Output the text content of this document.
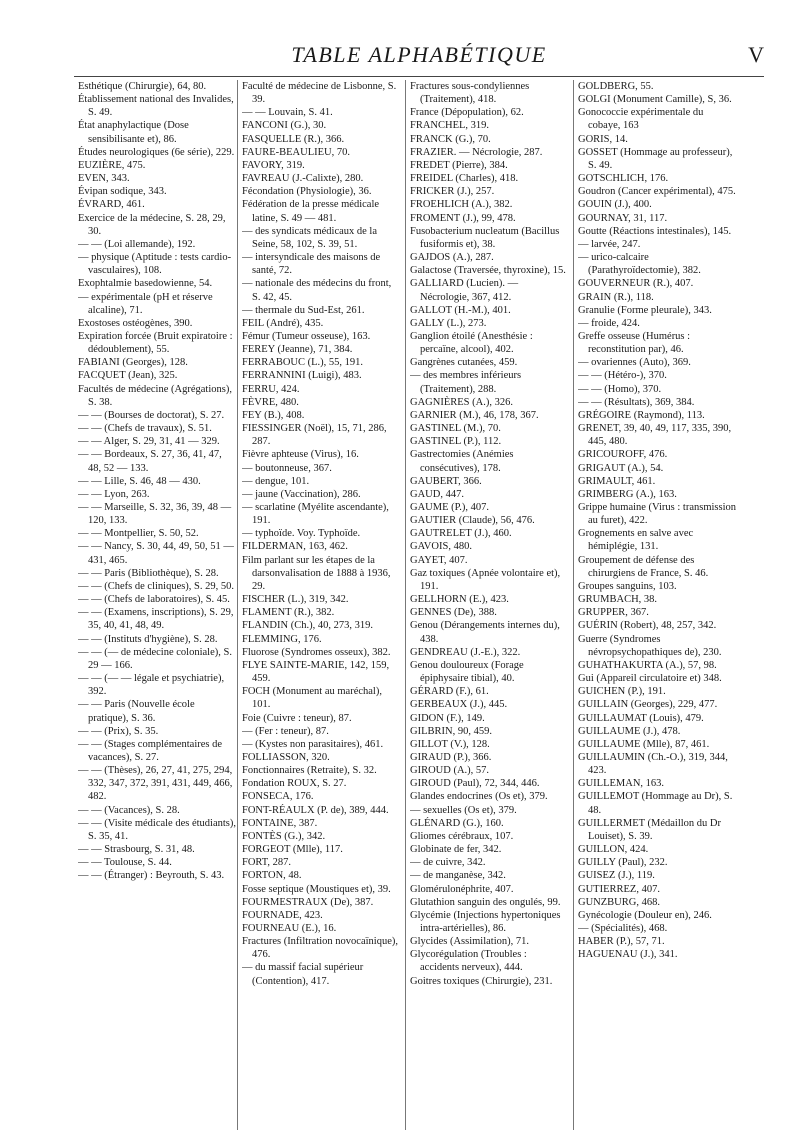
TABLE ALPHABÉTIQUE	V
Esthétique (Chirurgie), 64, 80.
Établissement national des Invalides, S. 49.
État anaphylactique (Dose sensibilisante et), 86.
Études neurologiques (6e série), 229.
EUZIÈRE, 475.
EVEN, 343.
Évipan sodique, 343.
ÉVRARD, 461.
Exercice de la médecine, S. 28, 29, 30.
— — (Loi allemande), 192.
— physique (Aptitude : tests cardio-vasculaires), 108.
Exophtalmie basedowienne, 54.
— expérimentale (pH et réserve alcaline), 71.
Exostoses ostéogènes, 390.
Expiration forcée (Bruit expiratoire : dédoublement), 55.
FABIANI (Georges), 128.
FACQUET (Jean), 325.
Facultés de médecine (Agrégations), S. 38.
— — (Bourses de doctorat), S. 27.
— — (Chefs de travaux), S. 51.
— — Alger, S. 29, 31, 41 — 329.
— — Bordeaux, S. 27, 36, 41, 47, 48, 52 — 133.
— — Lille, S. 46, 48 — 430.
— — Lyon, 263.
— — Marseille, S. 32, 36, 39, 48 — 120, 133.
— — Montpellier, S. 50, 52.
— — Nancy, S. 30, 44, 49, 50, 51 — 431, 465.
— — Paris (Bibliothèque), S. 28.
— — (Chefs de cliniques), S. 29, 50.
— — (Chefs de laboratoires), S. 45.
— — (Examens, inscriptions), S. 29, 35, 40, 41, 48, 49.
— — (Instituts d'hygiène), S. 28.
— — (— de médecine coloniale), S. 29 — 166.
— — (— — légale et psychiatrie), 392.
— — Paris (Nouvelle école pratique), S. 36.
— — (Prix), S. 35.
— — (Stages complémentaires de vacances), S. 27.
— — (Thèses), 26, 27, 41, 275, 294, 332, 347, 372, 391, 431, 449, 466, 482.
— — (Vacances), S. 28.
— — (Visite médicale des étudiants), S. 35, 41.
— — Strasbourg, S. 31, 48.
— — Toulouse, S. 44.
— — (Étranger) : Beyrouth, S. 43.
Faculté de médecine de Lisbonne, S. 39.
— — Louvain, S. 41.
FANCONI (G.), 30.
FASQUELLE (R.), 366.
FAURE-BEAULIEU, 70.
FAVORY, 319.
FAVREAU (J.-Calixte), 280.
Fécondation (Physiologie), 36.
Fédération de la presse médicale latine, S. 49 — 481.
— des syndicats médicaux de la Seine, 58, 102, S. 39, 51.
— intersyndicale des maisons de santé, 72.
— nationale des médecins du front, S. 42, 45.
— thermale du Sud-Est, 261.
FEIL (André), 435.
Fémur (Tumeur osseuse), 163.
FEREY (Jeanne), 71, 384.
FERRABOUC (L.), 55, 191.
FERRANNINI (Luigi), 483.
FERRU, 424.
FÈVRE, 480.
FEY (B.), 408.
FIESSINGER (Noël), 15, 71, 286, 287.
Fièvre aphteuse (Virus), 16.
— boutonneuse, 367.
— dengue, 101.
— jaune (Vaccination), 286.
— scarlatine (Myélite ascendante), 191.
— typhoïde. Voy. Typhoïde.
FILDERMAN, 163, 462.
Film parlant sur les étapes de la darsonvalisation de 1888 à 1936, 29.
FISCHER (L.), 319, 342.
FLAMENT (R.), 382.
FLANDIN (Ch.), 40, 273, 319.
FLEMMING, 176.
Fluorose (Syndromes osseux), 382.
FLYE SAINTE-MARIE, 142, 159, 459.
FOCH (Monument au maréchal), 101.
Foie (Cuivre : teneur), 87.
— (Fer : teneur), 87.
— (Kystes non parasitaires), 461.
FOLLIASSON, 320.
Fonctionnaires (Retraite), S. 32.
Fondation ROUX, S. 27.
FONSECA, 176.
FONT-RÉAULX (P. de), 389, 444.
FONTAINE, 387.
FONTÈS (G.), 342.
FORGEOT (Mlle), 117.
FORT, 287.
FORTON, 48.
Fosse septique (Moustiques et), 39.
FOURMESTRAUX (De), 387.
FOURNADE, 423.
FOURNEAU (E.), 16.
Fractures (Infiltration novocaïnique), 476.
— du massif facial supérieur (Contention), 417.
Fractures sous-condyliennes (Traitement), 418.
France (Dépopulation), 62.
FRANCHEL, 319.
FRANCK (G.), 70.
FRAZIER. — Nécrologie, 287.
FREDET (Pierre), 384.
FREIDEL (Charles), 418.
FRICKER (J.), 257.
FROEHLICH (A.), 382.
FROMENT (J.), 99, 478.
Fusobacterium nucleatum (Bacillus fusiformis et), 38.
GAJDOS (A.), 287.
Galactose (Traversée, thyroxine), 15.
GALLIARD (Lucien). — Nécrologie, 367, 412.
GALLOT (H.-M.), 401.
GALLY (L.), 273.
Ganglion étoilé (Anesthésie : percaïne, alcool), 402.
Gangrènes cutanées, 459.
— des membres inférieurs (Traitement), 288.
GAGNIÈRES (A.), 326.
GARNIER (M.), 46, 178, 367.
GASTINEL (M.), 70.
GASTINEL (P.), 112.
Gastrectomies (Anémies consécutives), 178.
GAUBERT, 366.
GAUD, 447.
GAUME (P.), 407.
GAUTIER (Claude), 56, 476.
GAUTRELET (J.), 460.
GAVOIS, 480.
GAYET, 407.
Gaz toxiques (Apnée volontaire et), 191.
GELLHORN (E.), 423.
GENNES (De), 388.
Genou (Dérangements internes du), 438.
GENDREAU (J.-E.), 322.
Genou douloureux (Forage épiphysaire tibial), 40.
GÉRARD (F.), 61.
GERBEAUX (J.), 445.
GIDON (F.), 149.
GILBRIN, 90, 459.
GILLOT (V.), 128.
GIRAUD (P.), 366.
GIROUD (A.), 57.
GIROUD (Paul), 72, 344, 446.
Glandes endocrines (Os et), 379.
— sexuelles (Os et), 379.
GLÉNARD (G.), 160.
Gliomes cérébraux, 107.
Globinate de fer, 342.
— de cuivre, 342.
— de manganèse, 342.
Glomérulonéphrite, 407.
Glutathion sanguin des ongulés, 99.
Glycémie (Injections hypertoniques intra-artérielles), 86.
Glycides (Assimilation), 71.
Glycorégulation (Troubles : accidents nerveux), 444.
Goitres toxiques (Chirurgie), 231.
GOLDBERG, 55.
GOLGI (Monument Camille), S, 36.
Gonococcie expérimentale du cobaye, 163
GORIS, 14.
GOSSET (Hommage au professeur), S. 49.
GOTSCHLICH, 176.
Goudron (Cancer expérimental), 475.
GOUIN (J.), 400.
GOURNAY, 31, 117.
Goutte (Réactions intestinales), 145.
— larvée, 247.
— urico-calcaire (Parathyroïdectomie), 382.
GOUVERNEUR (R.), 407.
GRAIN (R.), 118.
Granulie (Forme pleurale), 343.
— froide, 424.
Greffe osseuse (Humérus : reconstitution par), 46.
— ovariennes (Auto), 369.
— — (Hétéro-), 370.
— — (Homo), 370.
— — (Résultats), 369, 384.
GRÉGOIRE (Raymond), 113.
GRENET, 39, 40, 49, 117, 335, 390, 445, 480.
GRICOUROFF, 476.
GRIGAUT (A.), 54.
GRIMAULT, 461.
GRIMBERG (A.), 163.
Grippe humaine (Virus : transmission au furet), 422.
Grognements en salve avec hémiplégie, 131.
Groupement de défense des chirurgiens de France, S. 46.
Groupes sanguins, 103.
GRUMBACH, 38.
GRUPPER, 367.
GUÉRIN (Robert), 48, 257, 342.
Guerre (Syndromes névropsychopathiques de), 230.
GUHATHAKURTA (A.), 57, 98.
Gui (Appareil circulatoire et) 348.
GUICHEN (P.), 191.
GUILLAIN (Georges), 229, 477.
GUILLAUMAT (Louis), 479.
GUILLAUME (J.), 478.
GUILLAUME (Mlle), 87, 461.
GUILLAUMIN (Ch.-O.), 319, 344, 423.
GUILLEMAN, 163.
GUILLEMOT (Hommage au Dr), S. 48.
GUILLERMET (Médaillon du Dr Louiset), S. 39.
GUILLON, 424.
GUILLY (Paul), 232.
GUISEZ (J.), 119.
GUTIERREZ, 407.
GUNZBURG, 468.
Gynécologie (Douleur en), 246.
— (Spécialités), 468.
HABER (P.), 57, 71.
HAGUENAU (J.), 341.
